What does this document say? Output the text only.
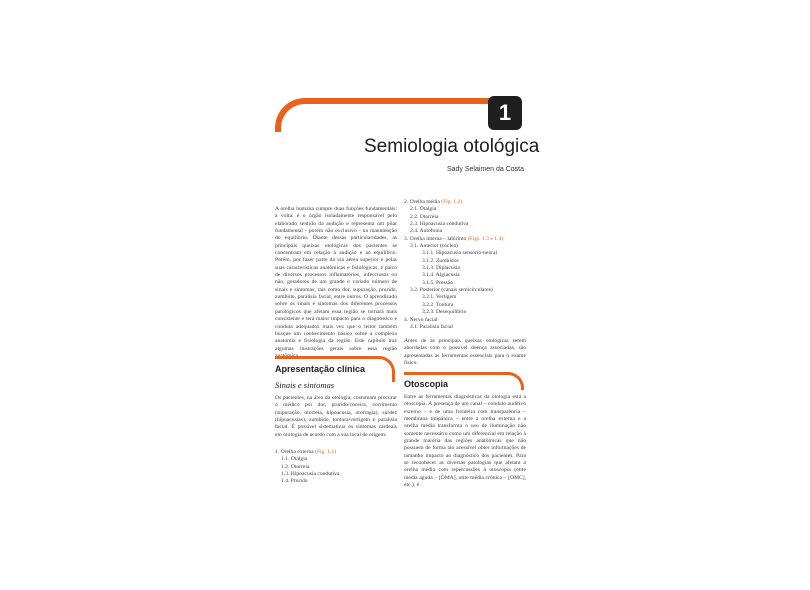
1
Semiologia otológica
Sady Selaimen da Costa
A orelha humana cumpre duas funções fundamentais: à volta: é o órgão isoladamente responsável pelo elaborado sentido da audição e representa um pilar fundamental - porém não exclusivo - na manutenção do equilíbrio. Diante dessas particularidades, as principais queixas otológicas dos pacientes se concentram em relação à audição e ao equilíbrio. Porém, por fazer parte da via aérea superior e pelas suas características anatômicas e fisiológicas, é palco de diversos processos inflamatórios, infecciosos ou não, geradores de um grande e variado número de sinais e sintomas, tais como dor, supuração, prurido, zumbido, paralisia facial, entre outros. O aprendizado sobre os sinais e sintomas dos diferentes processos patológicos que afetam essa região se tornará mais consistente e terá maior impacto para o diagnóstico e conduta adequados mais vez que o leitor também busque um conhecimento básico sobre a complexa anatomia e fisiologia da região. Este capítulo traz algumas ilustrações gerais sobre essa região anatômica.
2. Orelha média (Fig. 1.2)
2.1. Otalgia
2.2. Otorreia
2.3. Hipoacusia condutiva
2.4. Autofonia
3. Orelha interna – labirinto (Figs. 1.3 e 1.4)
3.1. Anterior (cóclea)
3.1.1. Hipoacusia sensório-neural
3.1.2. Zumbidos
3.1.3. Diplacusia
3.1.4. Algiacusia
3.1.5. Pressão
3.2. Posterior (canais semicirculares)
3.2.1. Vertigem
3.2.2. Tontura
3.2.3. Desequilíbrio
4. Nervo facial
4.1. Paralisia facial
Antes de as principais queixas otológicas serem abordadas com o possível doença associadas, são apresentadas as ferramentas essenciais para o exame físico.
Apresentação clínica
Sinais e sintomas
Os pacientes, na área da otologia, costumam procurar o médico por dor, prurido/coceira, corrimento (supuração, otorreia, hipoacusia, otorragia), surdez (hipoacusias), zumbido, tontura/vertigem e paralisia facial. É possível sistematizar os sintomas cardeais em otologia de acordo com a sua local de origem:
1. Orelha externa (Fig. 1.1)
1.1. Otalgia
1.2. Otorreia
1.3. Hipoacusia condutiva
1.4. Prurido
Otoscopia
Entre as ferramentas diagnósticas da otologia está a otoscopia. A presença de um canal – conduto auditivo externo – e de uma fronteira com transparência – membrana timpânica – entre a orelha externa e a orelha média transforma o uso de iluminação não somente necessário como um diferencial em relação à grande maioria das regiões anatômicas que não possuem de forma tão acessível obter informações de tamanho impacto ao diagnóstico dos pacientes. Para se reconhecer as diversas patologias que afetam a orelha média com repercussões à otoscopia (otite média aguda – [OMA], otite média crônica – [OMC], etc.), é
